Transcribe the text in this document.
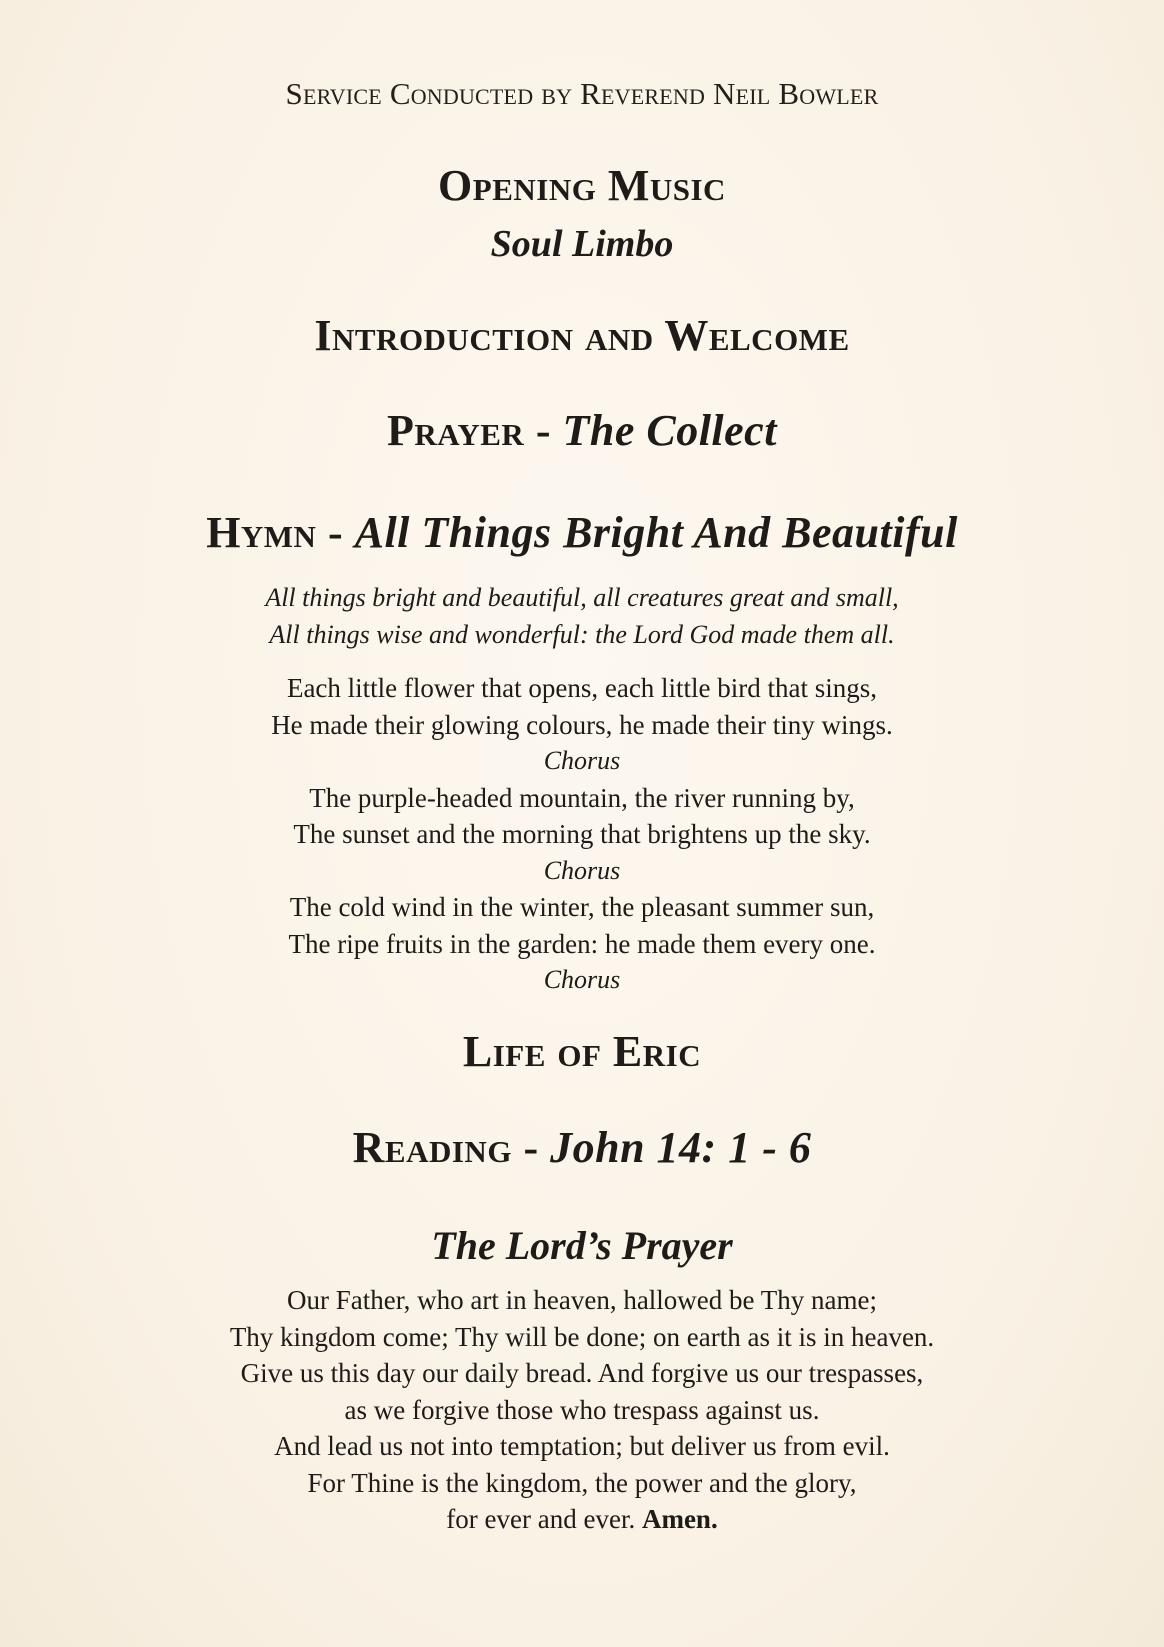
Service Conducted by Reverend Neil Bowler
Opening Music
Soul Limbo
Introduction and Welcome
Prayer - The Collect
Hymn - All Things Bright And Beautiful
All things bright and beautiful, all creatures great and small,
All things wise and wonderful: the Lord God made them all.
Each little flower that opens, each little bird that sings,
He made their glowing colours, he made their tiny wings.
Chorus
The purple-headed mountain, the river running by,
The sunset and the morning that brightens up the sky.
Chorus
The cold wind in the winter, the pleasant summer sun,
The ripe fruits in the garden: he made them every one.
Chorus
Life of Eric
Reading - John 14: 1 - 6
The Lord’s Prayer
Our Father, who art in heaven, hallowed be Thy name;
Thy kingdom come; Thy will be done; on earth as it is in heaven.
Give us this day our daily bread. And forgive us our trespasses,
as we forgive those who trespass against us.
And lead us not into temptation; but deliver us from evil.
For Thine is the kingdom, the power and the glory,
for ever and ever. Amen.
